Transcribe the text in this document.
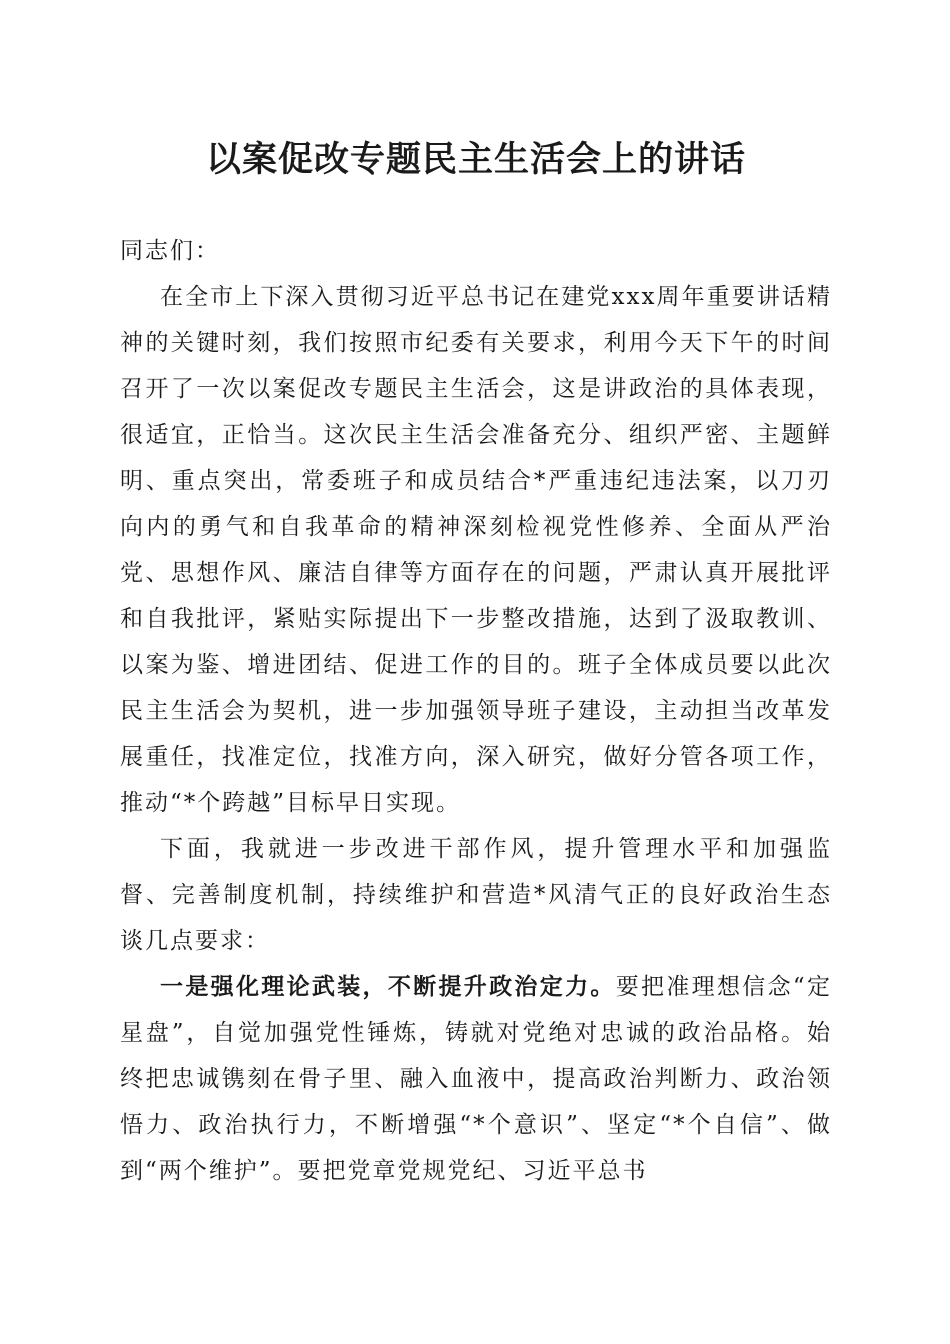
以案促改专题民主生活会上的讲话

同志们：

在全市上下深入贯彻习近平总书记在建党xxx周年重要讲话精神的关键时刻，我们按照市纪委有关要求，利用今天下午的时间召开了一次以案促改专题民主生活会，这是讲政治的具体表现，很适宜，正恰当。这次民主生活会准备充分、组织严密、主题鲜明、重点突出，常委班子和成员结合*严重违纪违法案，以刀刃向内的勇气和自我革命的精神深刻检视党性修养、全面从严治党、思想作风、廉洁自律等方面存在的问题，严肃认真开展批评和自我批评，紧贴实际提出下一步整改措施，达到了汲取教训、以案为鉴、增进团结、促进工作的目的。班子全体成员要以此次民主生活会为契机，进一步加强领导班子建设，主动担当改革发展重任，找准定位，找准方向，深入研究，做好分管各项工作，推动“*个跨越”目标早日实现。

下面，我就进一步改进干部作风，提升管理水平和加强监督、完善制度机制，持续维护和营造*风清气正的良好政治生态谈几点要求：

一是强化理论武装，不断提升政治定力。要把准理想信念“定星盘”，自觉加强党性锤炼，铸就对党绝对忠诚的政治品格。始终把忠诚镌刻在骨子里、融入血液中，提高政治判断力、政治领悟力、政治执行力，不断增强“*个意识”、坚定“*个自信”、做到“两个维护”。要把党章党规党纪、习近平总书
